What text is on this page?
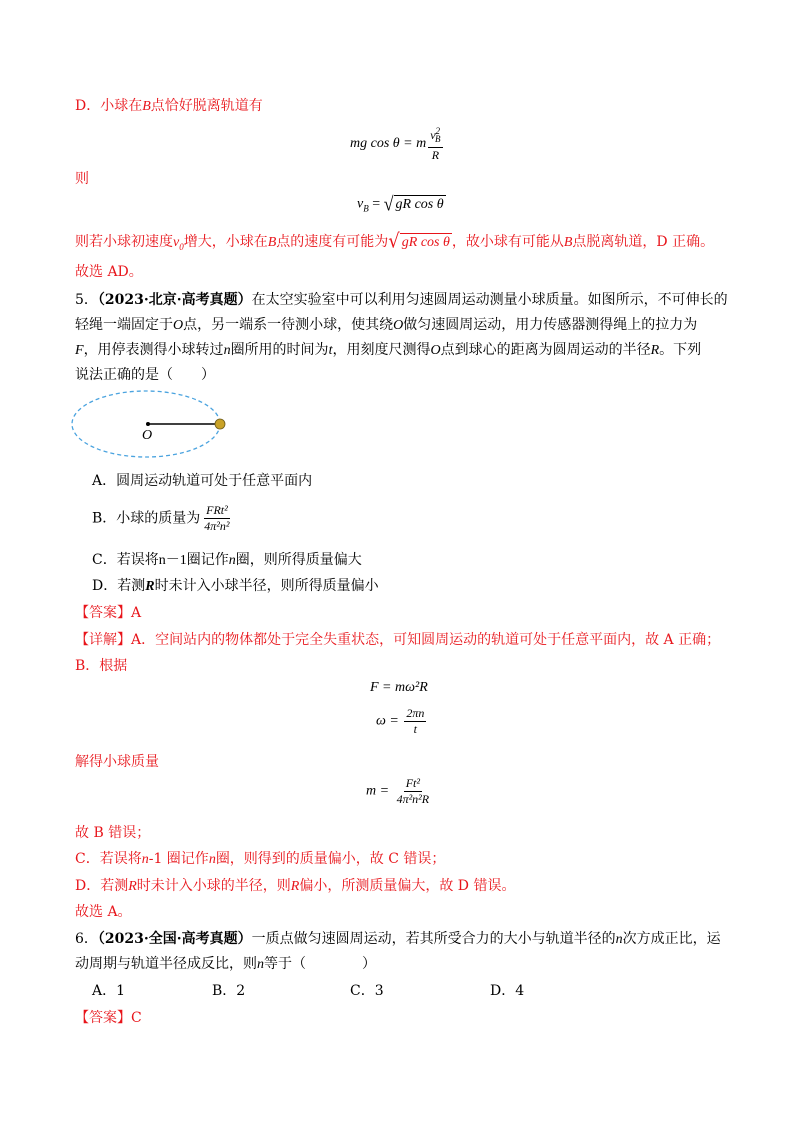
D．小球在B点恰好脱离轨道有
mg cos θ = m $\frac{v^2_B}{R}$
则
$v_B$ = √ gR cos θ
则若小球初速度$v_0$增大，小球在B点的速度有可能为 √ gR cos θ ，故小球有可能从B点脱离轨道，D 正确。
故选 AD。
5．（2023·北京·高考真题）在太空实验室中可以利用匀速圆周运动测量小球质量。如图所示，不可伸长的
轻绳一端固定于O点，另一端系一待测小球，使其绕O做匀速圆周运动，用力传感器测得绳上的拉力为
F，用停表测得小球转过n圈所用的时间为t，用刻度尺测得O点到球心的距离为圆周运动的半径R。下列
说法正确的是（　　）
O
A．圆周运动轨道可处于任意平面内
B．小球的质量为 $\frac{\text{FRt²}}{\text{4π²n²}}$
C．若误将n－1圈记作n圈，则所得质量偏大
D．若测R时未计入小球半径，则所得质量偏小
【答案】A
【详解】A．空间站内的物体都处于完全失重状态，可知圆周运动的轨道可处于任意平面内，故 A 正确；
B．根据
F = mω²R
$\omega = \frac{2\pi n}{t}$
解得小球质量
$m = \frac{\text{Ft²}}{\text{4π²n²R}}$
故 B 错误；
C．若误将n-1 圈记作n圈，则得到的质量偏小，故 C 错误；
D．若测R时未计入小球的半径，则R偏小，所测质量偏大，故 D 错误。
故选 A。
6．（2023·全国·高考真题）一质点做匀速圆周运动，若其所受合力的大小与轨道半径的n次方成正比，运
动周期与轨道半径成反比，则n等于（　　　　）
A．1	B．2	C．3	D．4
【答案】C
